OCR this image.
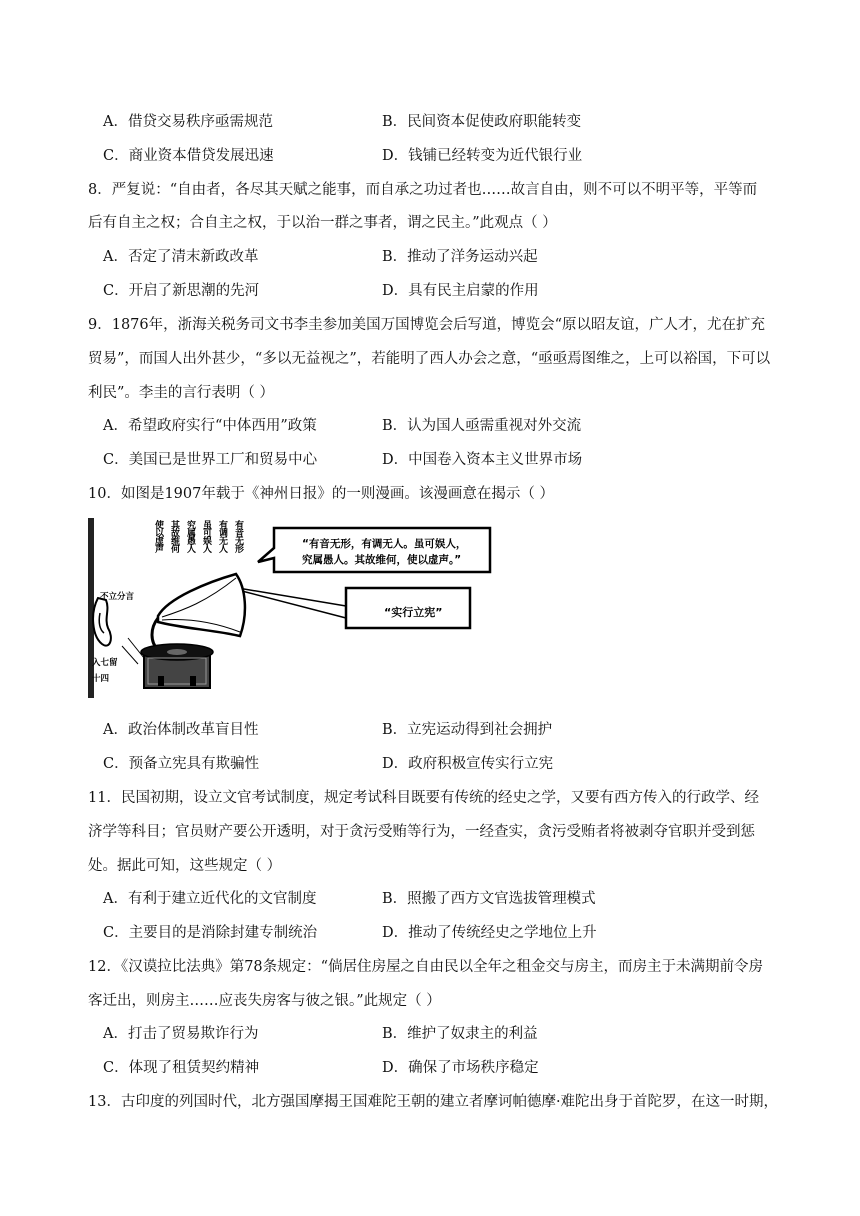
A．借贷交易秩序亟需规范	B．民间资本促使政府职能转变
C．商业资本借贷发展迅速	D．钱铺已经转变为近代银行业
8．严复说：“自由者，各尽其天赋之能事，而自承之功过者也……故言自由，则不可以不明平等，平等而
后有自主之权；合自主之权，于以治一群之事者，谓之民主。”此观点（ ）
A．否定了清末新政改革	B．推动了洋务运动兴起
C．开启了新思潮的先河	D．具有民主启蒙的作用
9．1876年，浙海关税务司文书李圭参加美国万国博览会后写道，博览会“原以昭友谊，广人才，尤在扩充
贸易”，而国人出外甚少，“多以无益视之”，若能明了西人办会之意，“亟亟焉图维之，上可以裕国，下可以
利民”。李圭的言行表明（ ）
A．希望政府实行“中体西用”政策	B．认为国人亟需重视对外交流
C．美国已是世界工厂和贸易中心	D．中国卷入资本主义世界市场
10．如图是1907年载于《神州日报》的一则漫画。该漫画意在揭示（ ）
使以虚声 其故维何 究属愚人 虽可娱人 有调无人 有音无形	“有音无形，有调无人。虽可娱人，
究属愚人。其故维何，使以虚声。”
“实行立宪”
不立分言
入七留
十四
A．政治体制改革盲目性	B．立宪运动得到社会拥护
C．预备立宪具有欺骗性	D．政府积极宣传实行立宪
11．民国初期，设立文官考试制度，规定考试科目既要有传统的经史之学，又要有西方传入的行政学、经
济学等科目；官员财产要公开透明，对于贪污受贿等行为，一经查实，贪污受贿者将被剥夺官职并受到惩
处。据此可知，这些规定（ ）
A．有利于建立近代化的文官制度	B．照搬了西方文官选拔管理模式
C．主要目的是消除封建专制统治	D．推动了传统经史之学地位上升
12．《汉谟拉比法典》第78条规定：“倘居住房屋之自由民以全年之租金交与房主，而房主于未满期前令房
客迁出，则房主……应丧失房客与彼之银。”此规定（ ）
A．打击了贸易欺诈行为	B．维护了奴隶主的利益
C．体现了租赁契约精神	D．确保了市场秩序稳定
13．古印度的列国时代，北方强国摩揭王国难陀王朝的建立者摩诃帕德摩·难陀出身于首陀罗，在这一时期，
